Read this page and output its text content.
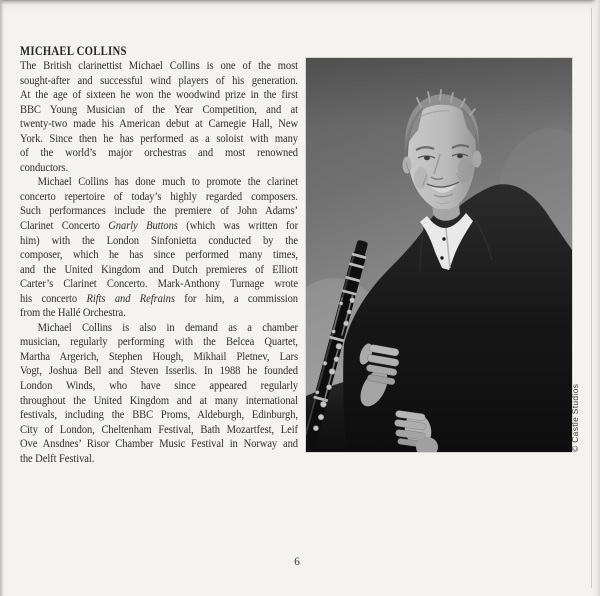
MICHAEL COLLINS
The British clarinettist Michael Collins is one of the most
sought-after and successful wind players of his generation.
At the age of sixteen he won the woodwind prize in the first
BBC Young Musician of the Year Competition, and at
twenty-two made his American debut at Carnegie Hall, New
York. Since then he has performed as a soloist with many
of the world’s major orchestras and most renowned
conductors.
Michael Collins has done much to promote the clarinet
concerto repertoire of today’s highly regarded composers.
Such performances include the premiere of John Adams’
Clarinet Concerto Gnarly Buttons (which was written for
him) with the London Sinfonietta conducted by the
composer, which he has since performed many times,
and the United Kingdom and Dutch premieres of Elliott
Carter’s Clarinet Concerto. Mark-Anthony Turnage wrote
his concerto Rifts and Refrains for him, a commission
from the Hallé Orchestra.
Michael Collins is also in demand as a chamber
musician, regularly performing with the Belcea Quartet,
Martha Argerich, Stephen Hough, Mikhail Pletnev, Lars
Vogt, Joshua Bell and Steven Isserlis. In 1988 he founded
London Winds, who have since appeared regularly
throughout the United Kingdom and at many international
festivals, including the BBC Proms, Aldeburgh, Edinburgh,
City of London, Cheltenham Festival, Bath Mozartfest, Leif
Ove Ansdnes’ Risor Chamber Music Festival in Norway and
the Delft Festival.
© Castle Studios
6
